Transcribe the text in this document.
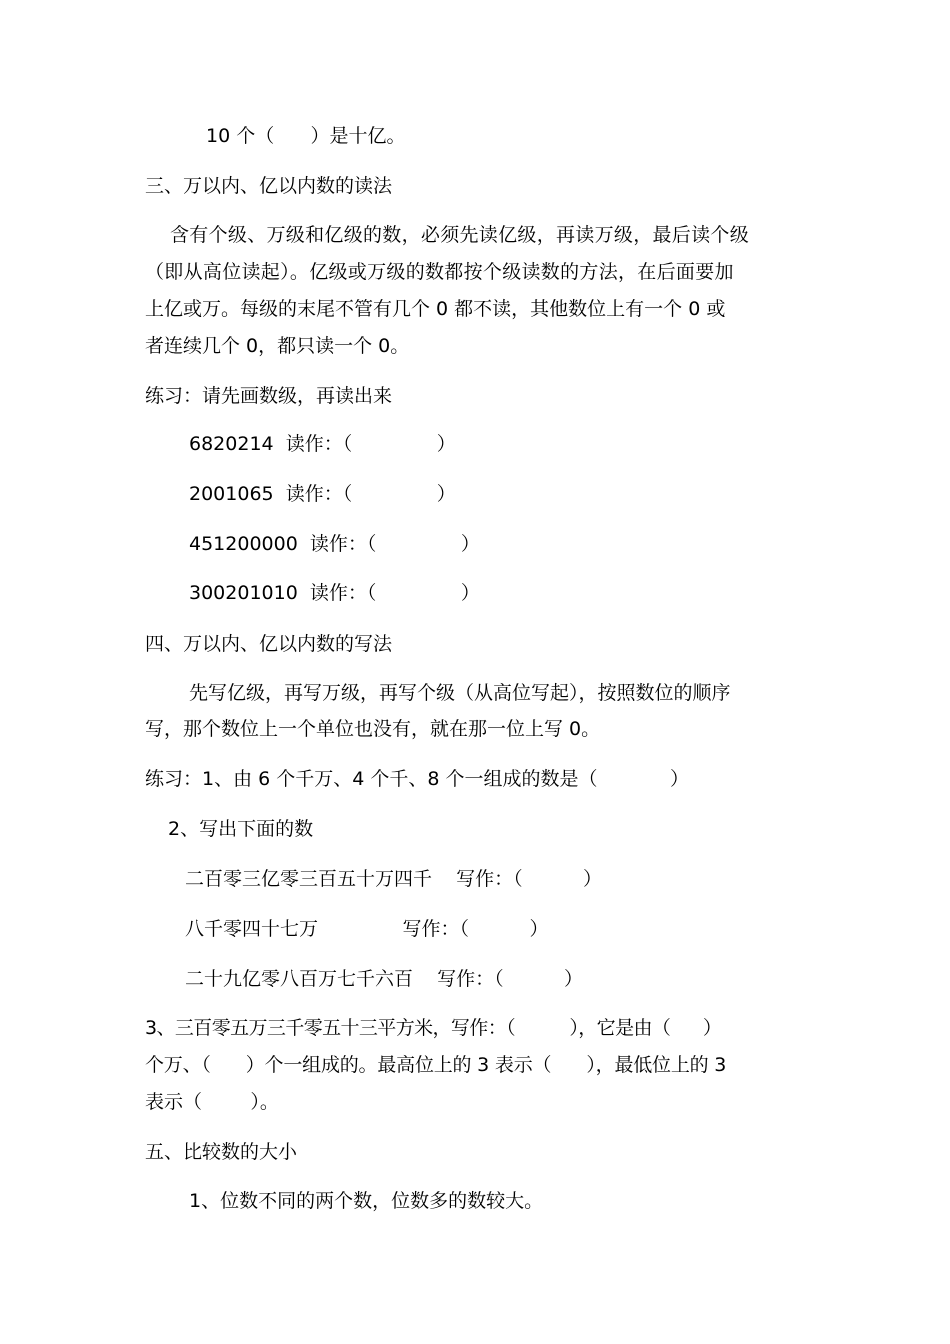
10 个（      ）是十亿。
三、万以内、亿以内数的读法
含有个级、万级和亿级的数，必须先读亿级，再读万级，最后读个级
（即从高位读起）。亿级或万级的数都按个级读数的方法，在后面要加
上亿或万。每级的末尾不管有几个 0 都不读，其他数位上有一个 0 或
者连续几个 0，都只读一个 0。
练习：请先画数级，再读出来
6820214  读作：（              ）
2001065  读作：（              ）
451200000  读作：（              ）
300201010  读作：（              ）
四、万以内、亿以内数的写法
先写亿级，再写万级，再写个级（从高位写起），按照数位的顺序
写，那个数位上一个单位也没有，就在那一位上写 0。
练习：1、由 6 个千万、4 个千、8 个一组成的数是（            ）
2、写出下面的数
二百零三亿零三百五十万四千    写作：（          ）
八千零四十七万              写作：（          ）
二十九亿零八百万七千六百    写作：（          ）
3、三百零五万三千零五十三平方米，写作：（          ），它是由（      ）
个万、（      ）个一组成的。最高位上的 3 表示（      ），最低位上的 3
表示（        ）。
五、比较数的大小
1、位数不同的两个数，位数多的数较大。
